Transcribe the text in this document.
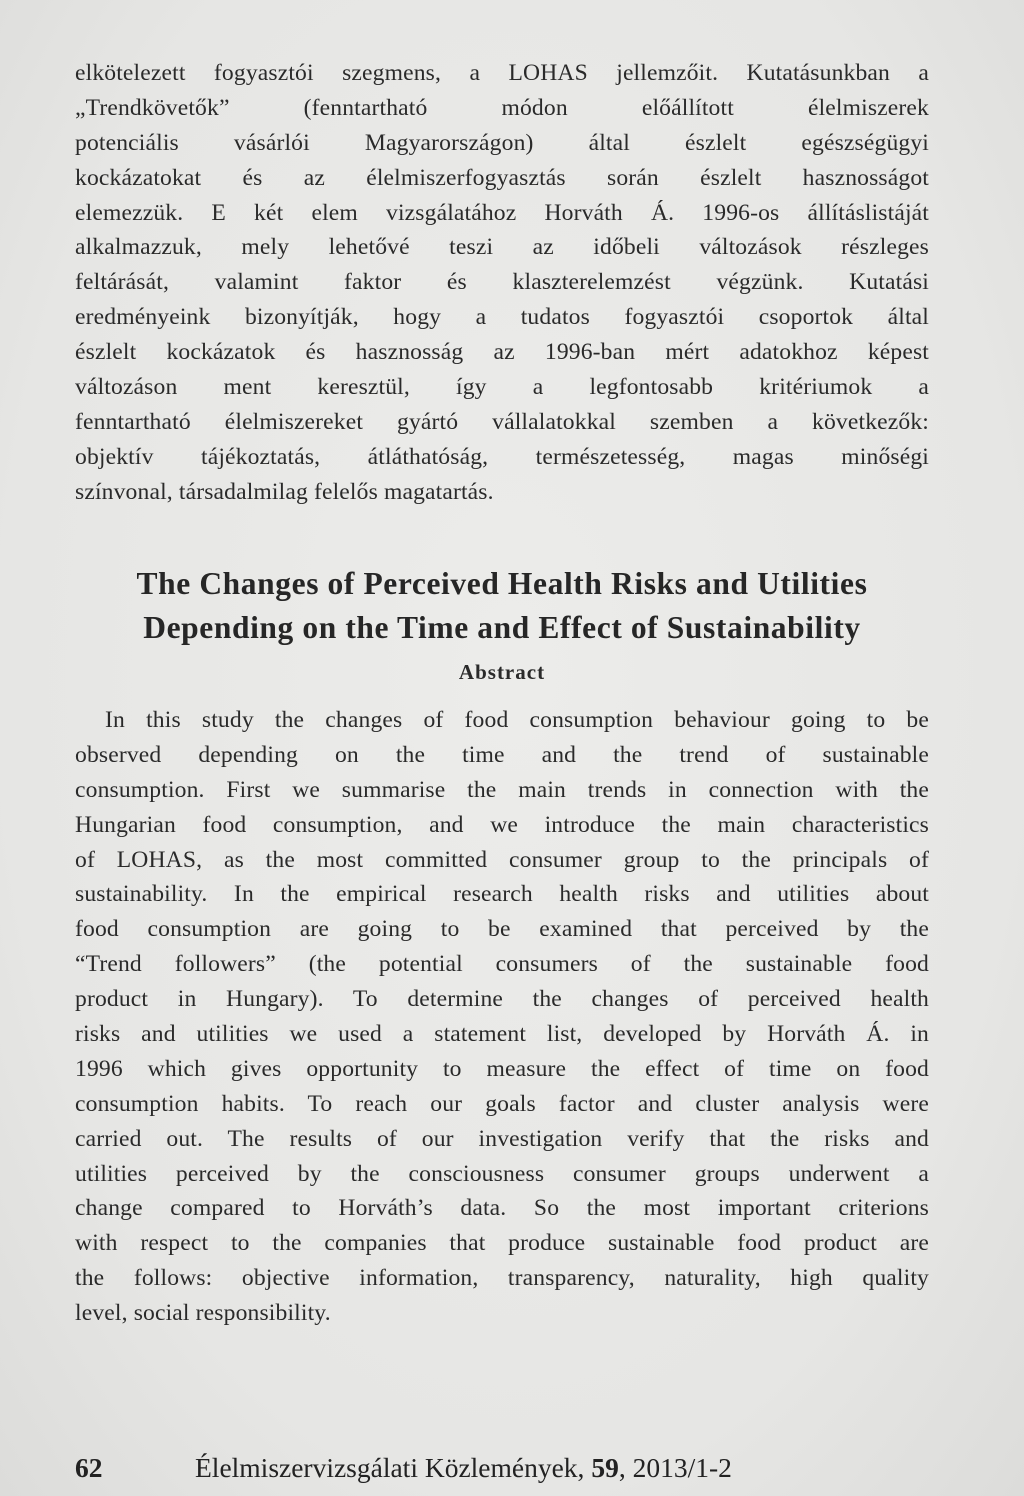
elkötelezett fogyasztói szegmens, a LOHAS jellemzőit. Kutatásunkban a
„Trendkövetők” (fenntartható módon előállított élelmiszerek
potenciális vásárlói Magyarországon) által észlelt egészségügyi
kockázatokat és az élelmiszerfogyasztás során észlelt hasznosságot
elemezzük. E két elem vizsgálatához Horváth Á. 1996-os állításlistáját
alkalmazzuk, mely lehetővé teszi az időbeli változások részleges
feltárását, valamint faktor és klaszterelemzést végzünk. Kutatási
eredményeink bizonyítják, hogy a tudatos fogyasztói csoportok által
észlelt kockázatok és hasznosság az 1996-ban mért adatokhoz képest
változáson ment keresztül, így a legfontosabb kritériumok a
fenntartható élelmiszereket gyártó vállalatokkal szemben a következők:
objektív tájékoztatás, átláthatóság, természetesség, magas minőségi
színvonal, társadalmilag felelős magatartás.
The Changes of Perceived Health Risks and Utilities
Depending on the Time and Effect of Sustainability
Abstract
In this study the changes of food consumption behaviour going to be
observed depending on the time and the trend of sustainable
consumption. First we summarise the main trends in connection with the
Hungarian food consumption, and we introduce the main characteristics
of LOHAS, as the most committed consumer group to the principals of
sustainability. In the empirical research health risks and utilities about
food consumption are going to be examined that perceived by the
“Trend followers” (the potential consumers of the sustainable food
product in Hungary). To determine the changes of perceived health
risks and utilities we used a statement list, developed by Horváth Á. in
1996 which gives opportunity to measure the effect of time on food
consumption habits. To reach our goals factor and cluster analysis were
carried out. The results of our investigation verify that the risks and
utilities perceived by the consciousness consumer groups underwent a
change compared to Horváth’s data. So the most important criterions
with respect to the companies that produce sustainable food product are
the follows: objective information, transparency, naturality, high quality
level, social responsibility.
62	Élelmiszervizsgálati Közlemények, 59, 2013/1-2
